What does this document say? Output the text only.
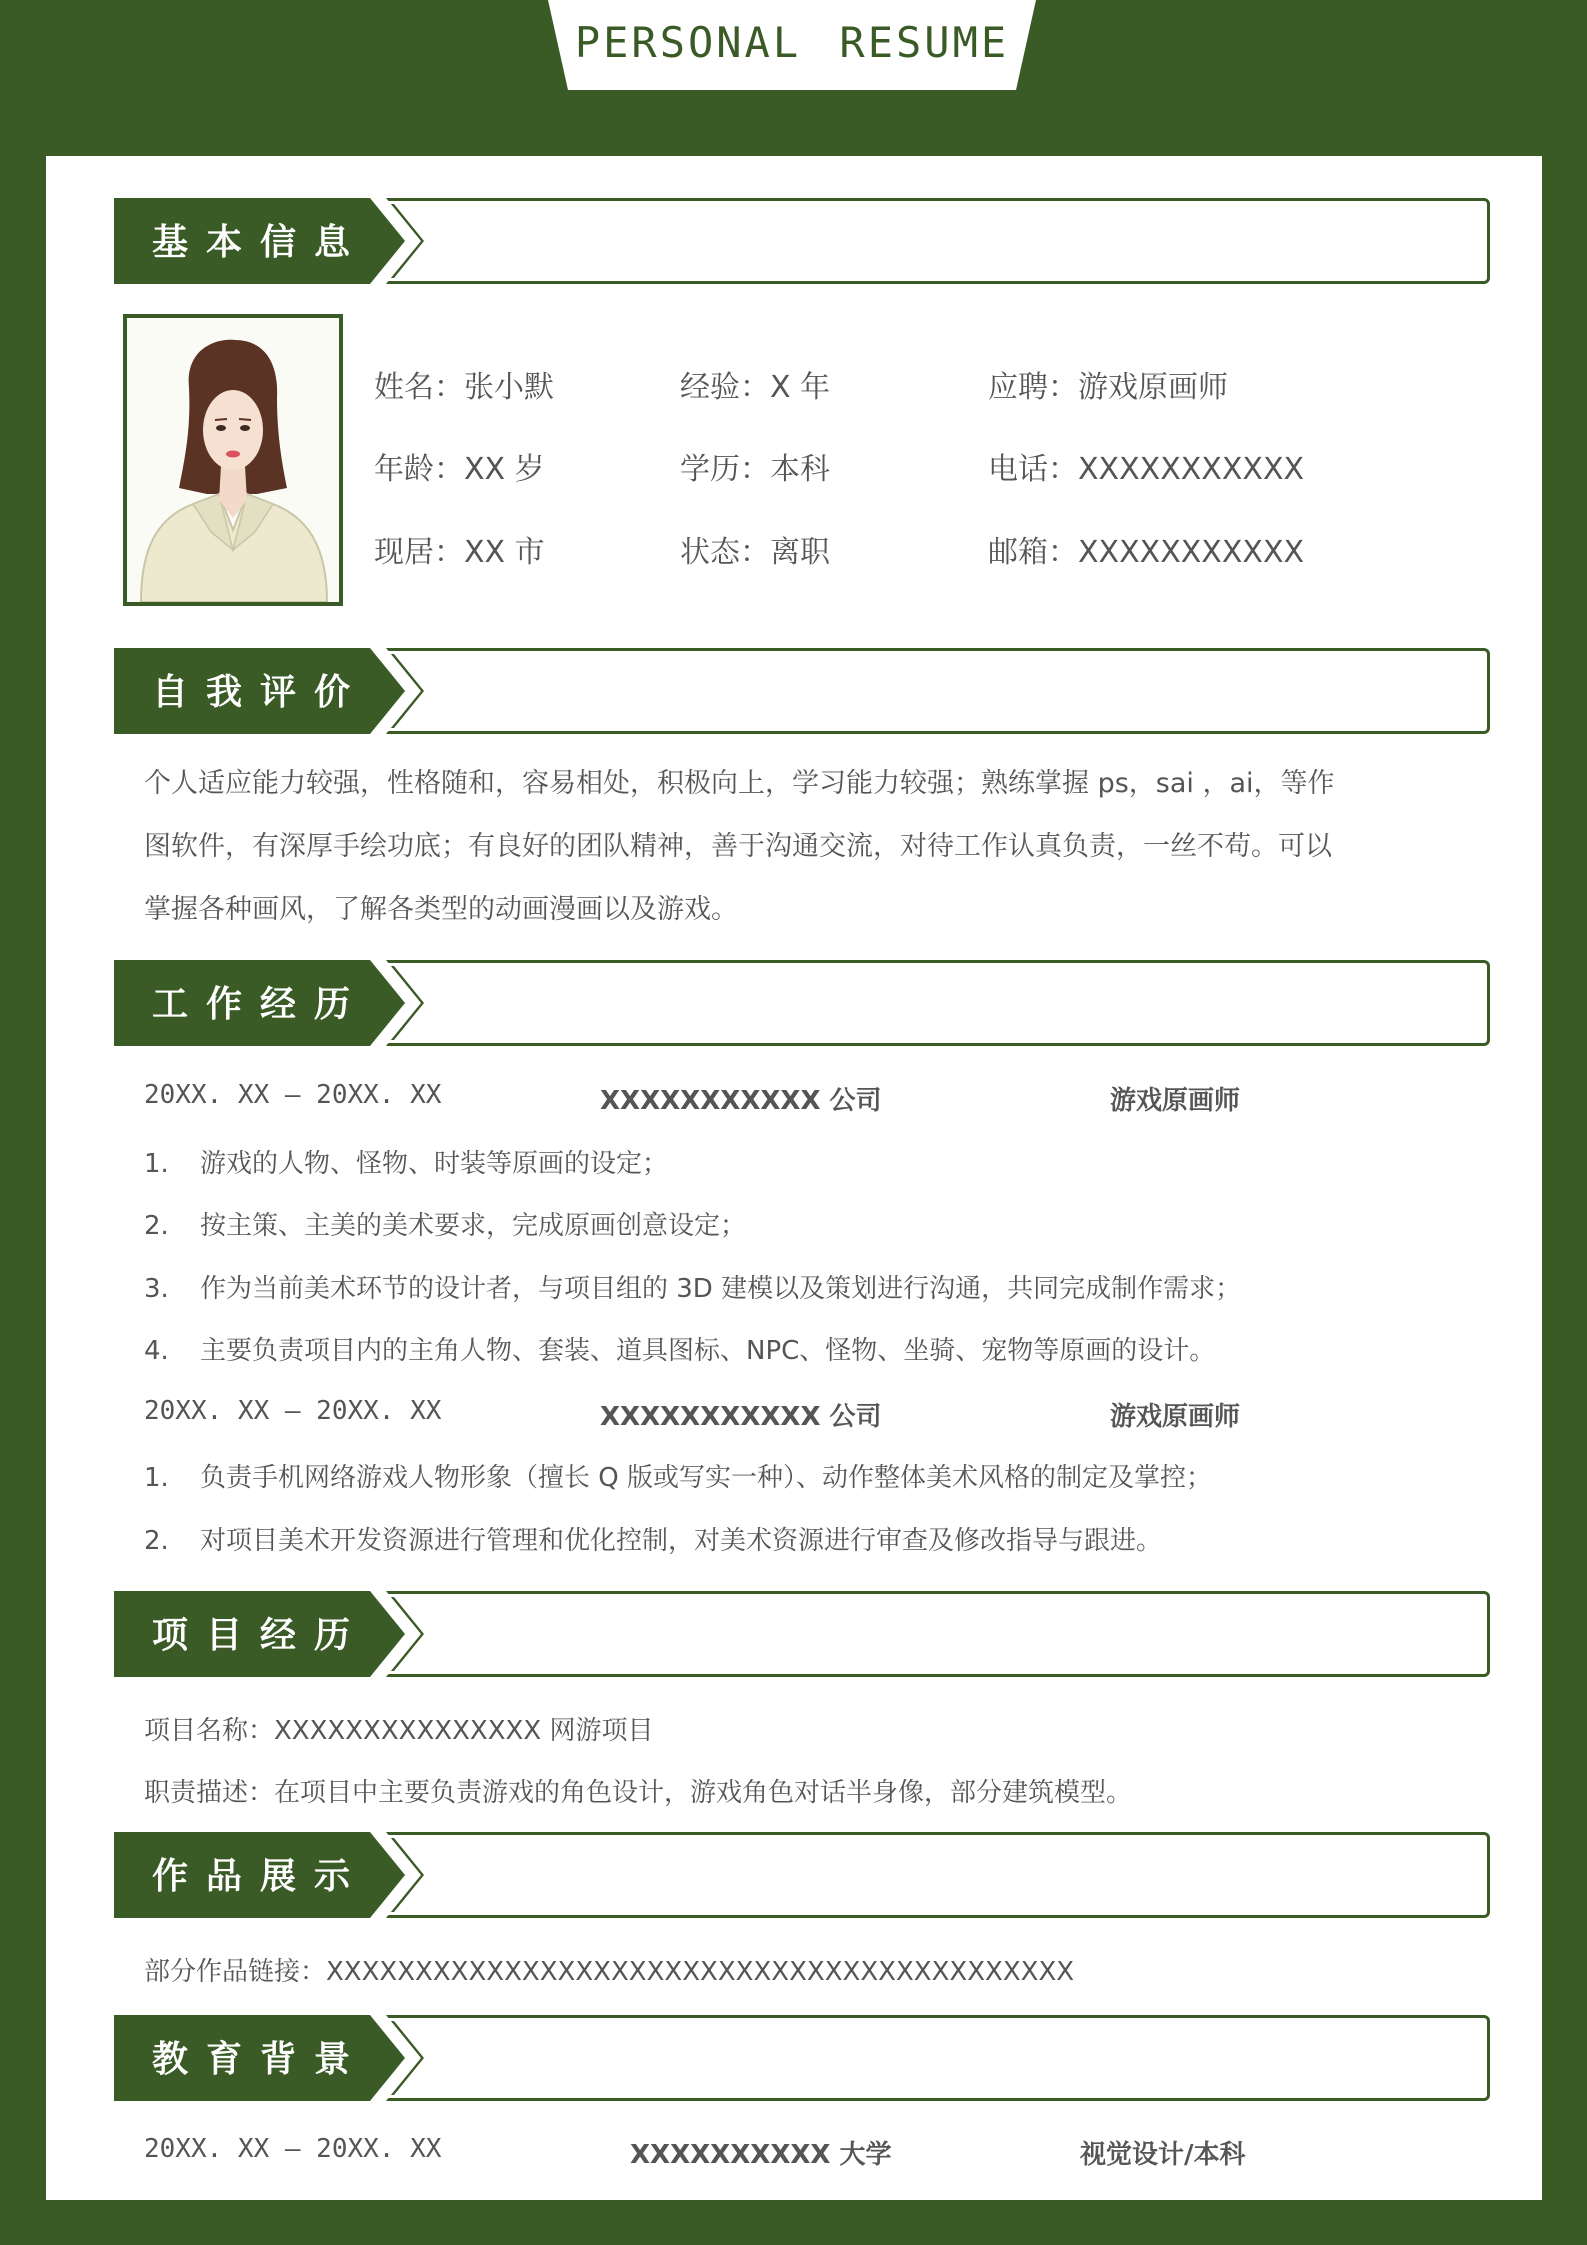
PERSONAL RESUME
基本信息
自我评价
工作经历
项目经历
作品展示
教育背景
姓名：张小默	经验：X 年	应聘：游戏原画师
年龄：XX 岁	学历：本科	电话：XXXXXXXXXXX
现居：XX 市	状态：离职	邮箱：XXXXXXXXXXX
个人适应能力较强，性格随和，容易相处，积极向上，学习能力较强；熟练掌握 ps，sai ，ai，等作
图软件，有深厚手绘功底；有良好的团队精神，善于沟通交流，对待工作认真负责，一丝不苟。可以
掌握各种画风，了解各类型的动画漫画以及游戏。
20XX. XX – 20XX. XX	XXXXXXXXXXX 公司	游戏原画师
1. 游戏的人物、怪物、时装等原画的设定；
2. 按主策、主美的美术要求，完成原画创意设定；
3. 作为当前美术环节的设计者，与项目组的 3D 建模以及策划进行沟通，共同完成制作需求；
4. 主要负责项目内的主角人物、套装、道具图标、NPC、怪物、坐骑、宠物等原画的设计。
20XX. XX – 20XX. XX	XXXXXXXXXXX 公司	游戏原画师
1. 负责手机网络游戏人物形象（擅长 Q 版或写实一种）、动作整体美术风格的制定及掌控；
2. 对项目美术开发资源进行管理和优化控制，对美术资源进行审查及修改指导与跟进。
项目名称：XXXXXXXXXXXXXXX 网游项目
职责描述：在项目中主要负责游戏的角色设计，游戏角色对话半身像，部分建筑模型。
部分作品链接：XXXXXXXXXXXXXXXXXXXXXXXXXXXXXXXXXXXXXXXXXX
20XX. XX – 20XX. XX	XXXXXXXXXX 大学	视觉设计/本科
